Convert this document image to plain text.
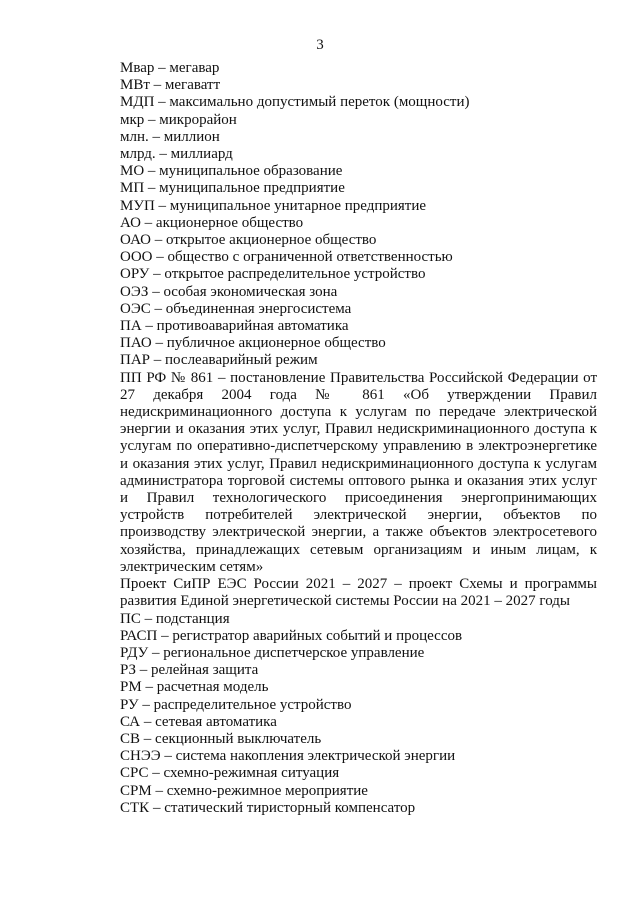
3

Мвар – мегавар

МВт – мегаватт

МДП – максимально допустимый переток (мощности)

мкр – микрорайон

млн. – миллион

млрд. – миллиард

МО – муниципальное образование

МП – муниципальное предприятие

МУП – муниципальное унитарное предприятие

АО – акционерное общество

ОАО – открытое акционерное общество

ООО – общество с ограниченной ответственностью

ОРУ – открытое распределительное устройство

ОЭЗ – особая экономическая зона

ОЭС – объединенная энергосистема

ПА – противоаварийная автоматика

ПАО – публичное акционерное общество

ПАР – послеаварийный режим

ПП РФ № 861 – постановление Правительства Российской Федерации от 27 декабря 2004 года № 861 «Об утверждении Правил недискриминационного доступа к услугам по передаче электрической энергии и оказания этих услуг, Правил недискриминационного доступа к услугам по оперативно-диспетчерскому управлению в электроэнергетике и оказания этих услуг, Правил недискриминационного доступа к услугам администратора торговой системы оптового рынка и оказания этих услуг и Правил технологического присоединения энергопринимающих устройств потребителей электрической энергии, объектов по производству электрической энергии, а также объектов электросетевого хозяйства, принадлежащих сетевым организациям и иным лицам, к электрическим сетям»

Проект СиПР ЕЭС России 2021 – 2027 – проект Схемы и программы развития Единой энергетической системы России на 2021 – 2027 годы

ПС – подстанция

РАСП – регистратор аварийных событий и процессов

РДУ – региональное диспетчерское управление

РЗ – релейная защита

РМ – расчетная модель

РУ – распределительное устройство

СА – сетевая автоматика

СВ – секционный выключатель

СНЭЭ – система накопления электрической энергии

СРС – схемно-режимная ситуация

СРМ – схемно-режимное мероприятие

СТК – статический тиристорный компенсатор
